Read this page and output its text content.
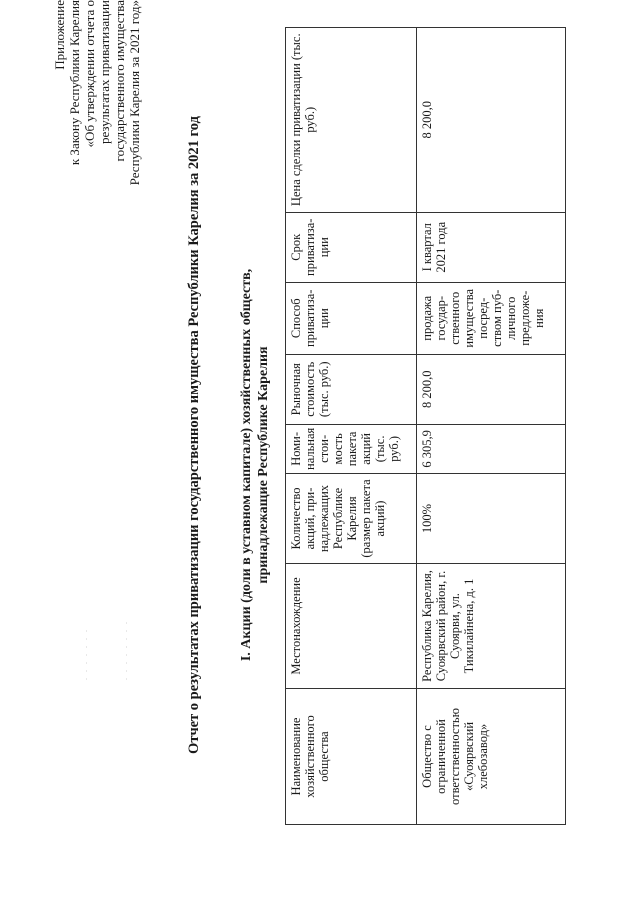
. . . . . . .	. . . . . . . .
Приложение к Закону Республики Карелия «Об утверждении отчета о результатах приватизации государственного имущества Республики Карелия за 2021 год»
Отчет о результатах приватизации государственного имущества Республики Карелия за 2021 год	I. Акции (доли в уставном капитале) хозяйственных обществ, принадлежащие Республике Карелия
Наименование хозяйственного общества	Местонахождение	Количество акций, при-надлежащих Республике Карелия (размер пакета акций)	Номи-нальная стои-мость пакета акций (тыс. руб.)	Рыночная стоимость (тыс. руб.)	Способ приватиза-ции	Срок приватиза-ции	Цена сделки приватизации (тыс. руб.)
Общество с ограниченной ответственностью «Суоярвский хлебозавод»	Республика Карелия, Суоярвский район, г. Суоярви, ул. Тикилайнена, д. 1	100%	6 305,9	8 200,0	продажа государ-ственного имущества посред-ством пуб-личного предложе-ния	I квартал 2021 года	8 200,0
